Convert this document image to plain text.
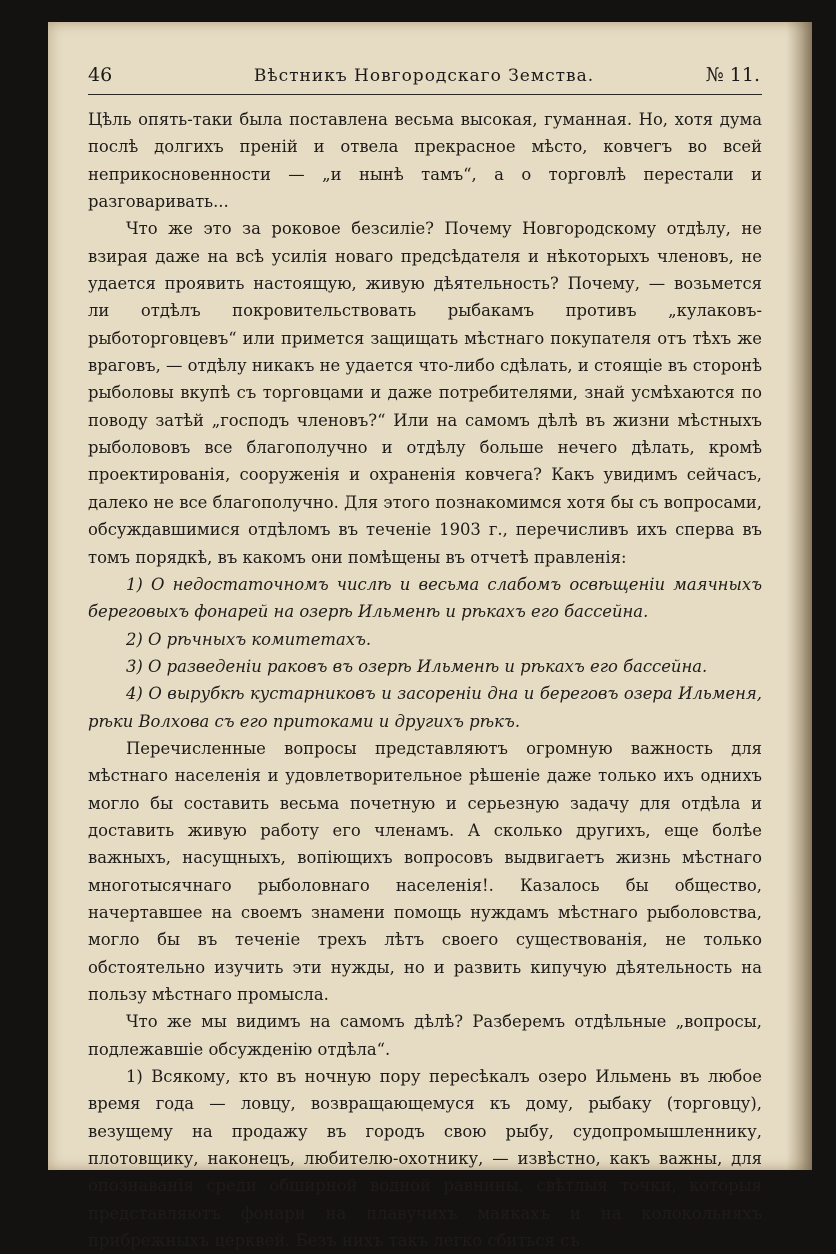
46	Вѣстникъ Новгородскаго Земства.	№ 11.

Цѣль опять-таки была поставлена весьма высокая, гуманная. Но, хотя дума послѣ долгихъ преній и отвела прекрасное мѣсто, ковчегъ во всей неприкосновенности — „и нынѣ тамъ“, а о торговлѣ перестали и разговаривать...

Что же это за роковое безсиліе? Почему Новгородскому отдѣлу, не взирая даже на всѣ усилія новаго предсѣдателя и нѣкоторыхъ членовъ, не удается проявить настоящую, живую дѣятельность? Почему, — возьмется ли отдѣлъ покровительствовать рыбакамъ противъ „кулаковъ-рыботорговцевъ“ или примется защищать мѣстнаго покупателя отъ тѣхъ же враговъ, — отдѣлу никакъ не удается что-либо сдѣлать, и стоящіе въ сторонѣ рыболовы вкупѣ съ торговцами и даже потребителями, знай усмѣхаются по поводу затѣй „господъ членовъ?“ Или на самомъ дѣлѣ въ жизни мѣстныхъ рыболововъ все благополучно и отдѣлу больше нечего дѣлать, кромѣ проектированія, сооруженія и охраненія ковчега? Какъ увидимъ сейчасъ, далеко не все благополучно. Для этого познакомимся хотя бы съ вопросами, обсуждавшимися отдѣломъ въ теченіе 1903 г., перечисливъ ихъ сперва въ томъ порядкѣ, въ какомъ они помѣщены въ отчетѣ правленія:

1) О недостаточномъ числѣ и весьма слабомъ освѣщеніи маячныхъ береговыхъ фонарей на озерѣ Ильменѣ и рѣкахъ его бассейна.

2) О рѣчныхъ комитетахъ.

3) О разведеніи раковъ въ озерѣ Ильменѣ и рѣкахъ его бассейна.

4) О вырубкѣ кустарниковъ и засореніи дна и береговъ озера Ильменя, рѣки Волхова съ его притоками и другихъ рѣкъ.

Перечисленные вопросы представляютъ огромную важность для мѣстнаго населенія и удовлетворительное рѣшеніе даже только ихъ однихъ могло бы составить весьма почетную и серьезную задачу для отдѣла и доставить живую работу его членамъ. А сколько другихъ, еще болѣе важныхъ, насущныхъ, вопіющихъ вопросовъ выдвигаетъ жизнь мѣстнаго многотысячнаго рыболовнаго населенія!. Казалось бы общество, начертавшее на своемъ знамени помощь нуждамъ мѣстнаго рыболовства, могло бы въ теченіе трехъ лѣтъ своего существованія, не только обстоятельно изучить эти нужды, но и развить кипучую дѣятельность на пользу мѣстнаго промысла.

Что же мы видимъ на самомъ дѣлѣ? Разберемъ отдѣльные „вопросы, подлежавшіе обсужденію отдѣла“.

1) Всякому, кто въ ночную пору пересѣкалъ озеро Ильмень въ любое время года — ловцу, возвращающемуся къ дому, рыбаку (торговцу), везущему на продажу въ городъ свою рыбу, судопромышленнику, плотовщику, наконецъ, любителю-охотнику, — извѣстно, какъ важны, для опознаванія среди обширной водной равнины, свѣтлыя точки, которыя представляютъ фонари на плавучихъ маякахъ и на колокольняхъ прибрежныхъ церквей. Безъ нихъ такъ легко сбиться съ
